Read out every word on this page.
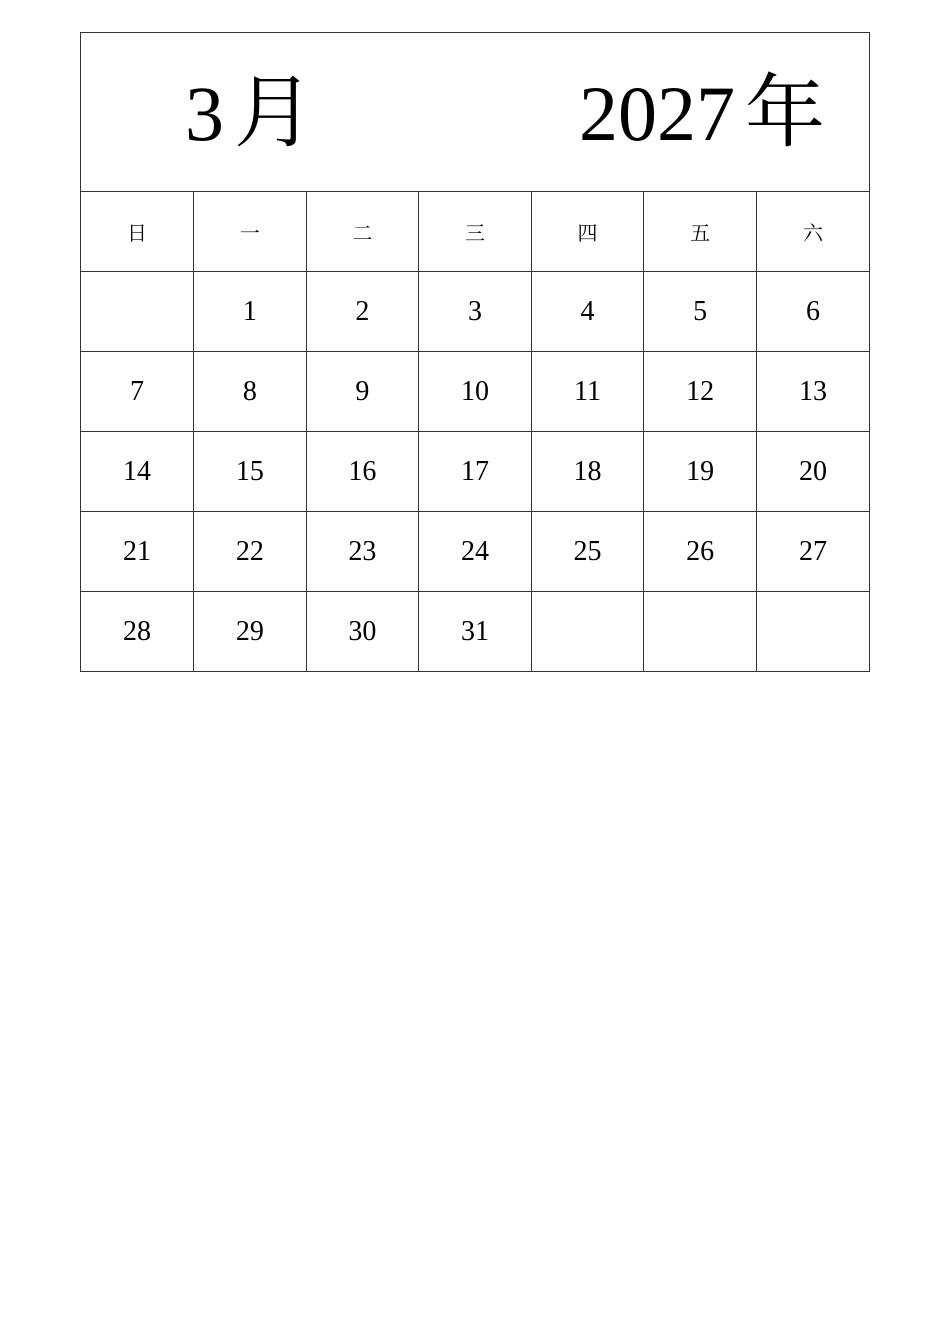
3 月	2027 年
日	一	二	三	四	五	六
	1	2	3	4	5	6
7	8	9	10	11	12	13
14	15	16	17	18	19	20
21	22	23	24	25	26	27
28	29	30	31			
